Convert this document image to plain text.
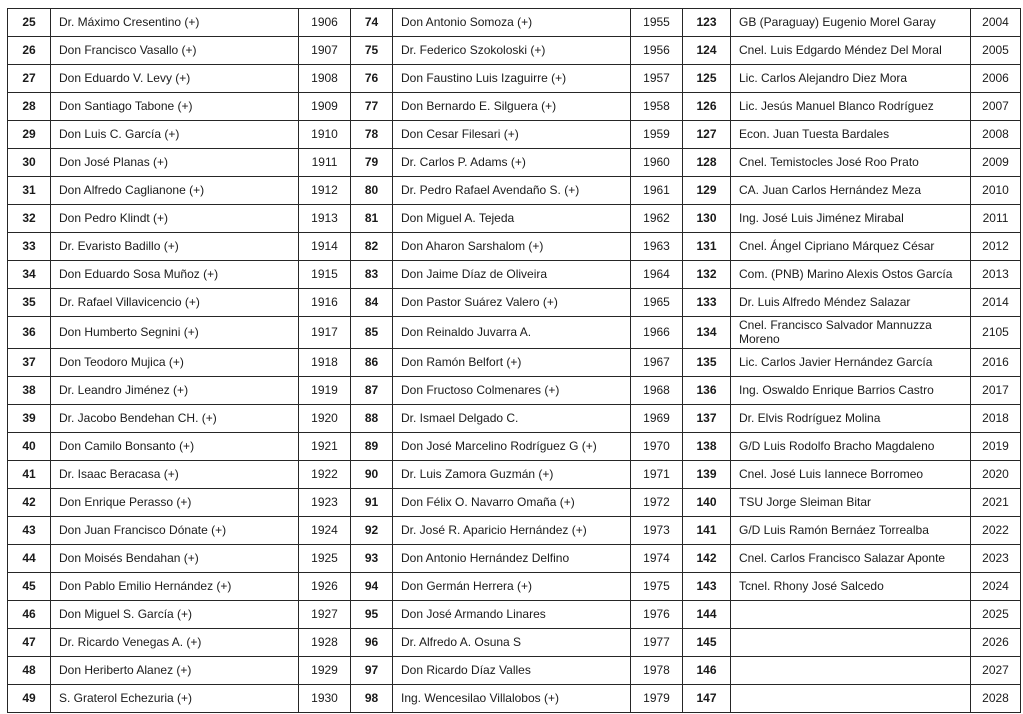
25	Dr. Máximo Cresentino (+)	1906	74	Don Antonio Somoza (+)	1955	123	GB (Paraguay) Eugenio Morel Garay	2004
26	Don Francisco Vasallo (+)	1907	75	Dr. Federico Szokoloski (+)	1956	124	Cnel. Luis Edgardo Méndez Del Moral	2005
27	Don Eduardo V. Levy (+)	1908	76	Don Faustino Luis Izaguirre (+)	1957	125	Lic. Carlos Alejandro Diez Mora	2006
28	Don Santiago Tabone (+)	1909	77	Don Bernardo E. Silguera (+)	1958	126	Lic. Jesús Manuel Blanco Rodríguez	2007
29	Don Luis C. García (+)	1910	78	Don Cesar Filesari (+)	1959	127	Econ. Juan Tuesta Bardales	2008
30	Don José Planas (+)	1911	79	Dr. Carlos P. Adams (+)	1960	128	Cnel. Temistocles José Roo Prato	2009
31	Don Alfredo Caglianone (+)	1912	80	Dr. Pedro Rafael Avendaño S. (+)	1961	129	CA. Juan Carlos Hernández Meza	2010
32	Don Pedro Klindt (+)	1913	81	Don Miguel A. Tejeda	1962	130	Ing. José Luis Jiménez Mirabal	2011
33	Dr. Evaristo Badillo (+)	1914	82	Don Aharon Sarshalom (+)	1963	131	Cnel. Ángel Cipriano Márquez César	2012
34	Don Eduardo Sosa Muñoz (+)	1915	83	Don Jaime Díaz de Oliveira	1964	132	Com. (PNB) Marino Alexis Ostos García	2013
35	Dr. Rafael Villavicencio (+)	1916	84	Don Pastor Suárez Valero (+)	1965	133	Dr. Luis Alfredo Méndez Salazar	2014
36	Don Humberto Segnini (+)	1917	85	Don Reinaldo Juvarra A.	1966	134	Cnel. Francisco Salvador Mannuzza Moreno	2105
37	Don Teodoro Mujica (+)	1918	86	Don Ramón Belfort (+)	1967	135	Lic. Carlos Javier Hernández García	2016
38	Dr. Leandro Jiménez (+)	1919	87	Don Fructoso Colmenares (+)	1968	136	Ing. Oswaldo Enrique Barrios Castro	2017
39	Dr. Jacobo Bendehan CH. (+)	1920	88	Dr. Ismael Delgado C.	1969	137	Dr. Elvis Rodríguez Molina	2018
40	Don Camilo Bonsanto (+)	1921	89	Don José Marcelino Rodríguez G (+)	1970	138	G/D Luis Rodolfo Bracho Magdaleno	2019
41	Dr. Isaac Beracasa (+)	1922	90	Dr. Luis Zamora Guzmán (+)	1971	139	Cnel. José Luis Iannece Borromeo	2020
42	Don Enrique Perasso (+)	1923	91	Don Félix O. Navarro Omaña (+)	1972	140	TSU Jorge Sleiman Bitar	2021
43	Don Juan Francisco Dónate (+)	1924	92	Dr. José R. Aparicio Hernández (+)	1973	141	G/D Luis Ramón Bernáez Torrealba	2022
44	Don Moisés Bendahan (+)	1925	93	Don Antonio Hernández Delfino	1974	142	Cnel. Carlos Francisco Salazar Aponte	2023
45	Don Pablo Emilio Hernández (+)	1926	94	Don Germán Herrera (+)	1975	143	Tcnel. Rhony José Salcedo	2024
46	Don Miguel S. García (+)	1927	95	Don José Armando Linares	1976	144		2025
47	Dr. Ricardo Venegas A. (+)	1928	96	Dr. Alfredo A. Osuna S	1977	145		2026
48	Don Heriberto Alanez (+)	1929	97	Don Ricardo Díaz Valles	1978	146		2027
49	S. Graterol Echezuria (+)	1930	98	Ing. Wencesilao Villalobos (+)	1979	147		2028
